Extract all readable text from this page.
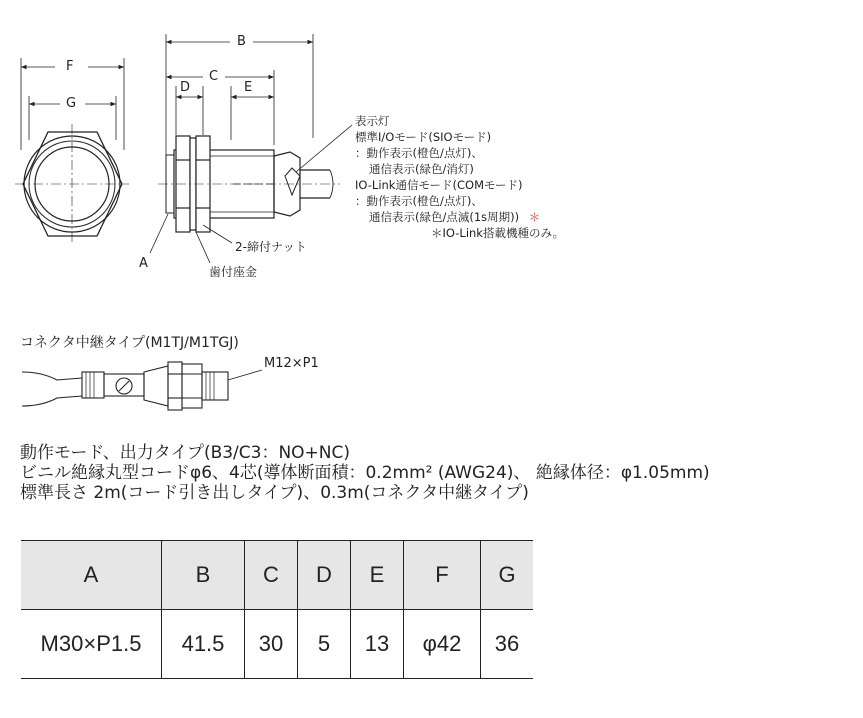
F
G
B
C
D	E
A
表示灯
標準I/Oモード(SIOモード)
：動作表示(橙色/点灯)、
通信表示(緑色/消灯)
IO-Link通信モード(COMモード)
：動作表示(橙色/点灯)、
通信表示(緑色/点滅(1s周期)) ＊
＊IO-Link搭載機種のみ。
2-締付ナット
歯付座金
コネクタ中継タイプ(M1TJ/M1TGJ)
M12×P1
動作モード、出力タイプ(B3/C3：NO+NC)
ビニル絶縁丸型コードφ6、4芯(導体断面積：0.2mm² (AWG24)、 絶縁体径：φ1.05mm)
標準長さ 2m(コード引き出しタイプ)、0.3m(コネクタ中継タイプ)
A	B	C	D	E	F	G
M30×P1.5	41.5	30	5	13	φ42	36
